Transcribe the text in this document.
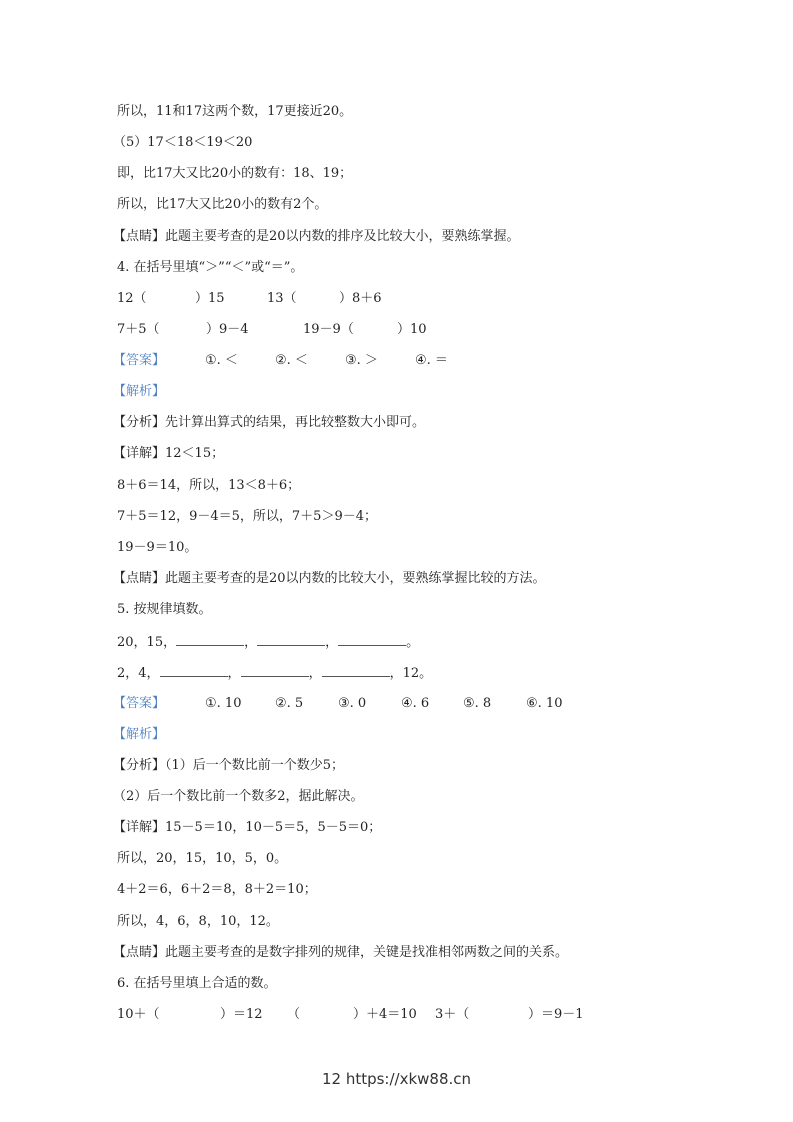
所以，11和17这两个数，17更接近20。
（5）17＜18＜19＜20
即，比17大又比20小的数有：18、19；
所以，比17大又比20小的数有2个。
【点睛】此题主要考查的是20以内数的排序及比较大小，要熟练掌握。
4. 在括号里填“＞”“＜”或“＝”。
12（	）15	13（	）8＋6
7＋5（	）9－4	19－9（	）10
【答案】	①. ＜	②. ＜	③. ＞	④. ＝
【解析】
【分析】先计算出算式的结果，再比较整数大小即可。
【详解】12＜15；
8＋6＝14，所以，13＜8＋6；
7＋5＝12，9－4＝5，所以，7＋5＞9－4；
19－9＝10。
【点睛】此题主要考查的是20以内数的比较大小，要熟练掌握比较的方法。
5. 按规律填数。
20，15，	，	，	。
2，4，	，	，	，12。
【答案】	①. 10	②. 5	③. 0	④. 6	⑤. 8	⑥. 10
【解析】
【分析】（1）后一个数比前一个数少5；
（2）后一个数比前一个数多2，据此解决。
【详解】15－5＝10，10－5＝5，5－5＝0；
所以，20，15，10，5，0。
4＋2＝6，6＋2＝8，8＋2＝10；
所以，4，6，8，10，12。
【点睛】此题主要考查的是数字排列的规律，关键是找准相邻两数之间的关系。
6. 在括号里填上合适的数。
10＋（	）＝12 （	）＋4＝10 3＋（	）＝9－1
12 https://xkw88.cn
